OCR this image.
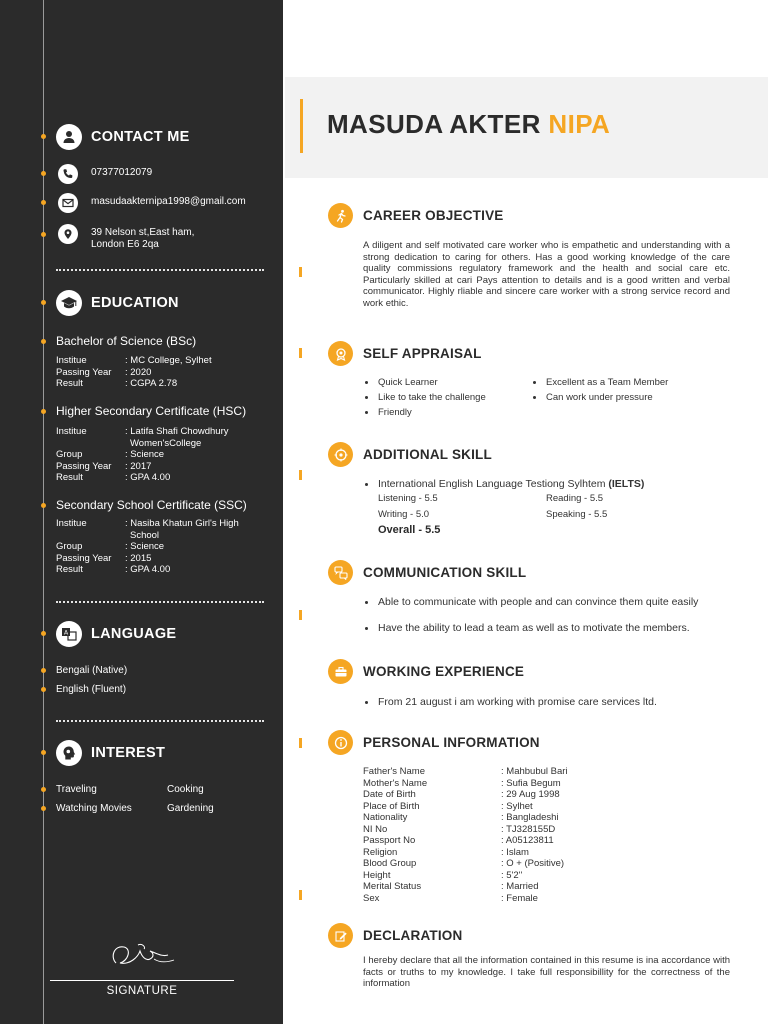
CONTACT ME
07377012079
masudaakternipa1998@gmail.com
39 Nelson st,East ham,
London E6 2qa
EDUCATION
Bachelor of Science (BSc)
Institue	: MC College, Sylhet
Passing Year	: 2020
Result	: CGPA 2.78
Higher Secondary Certificate (HSC)
Institue	: Latifa Shafi Chowdhury
	Women'sCollege
Group	: Science
Passing Year	: 2017
Result	: GPA 4.00
Secondary School Certificate (SSC)
Institue	: Nasiba Khatun Girl's High
	School
Group	: Science
Passing Year	: 2015
Result	: GPA 4.00
A LANGUAGE
Bengali (Native)
English (Fluent)
INTEREST
Traveling	Cooking
Watching Movies	Gardening
SIGNATURE
MASUDA AKTER NIPA
CAREER OBJECTIVE
A diligent and self motivated care worker who is empathetic and understanding with a strong dedication to caring for others. Has a good working knowledge of the care quality commissions regulatory framework and the health and social care etc. Particularly skilled at cari Pays attention to details and is a good written and verbal communicator. Highly rliable and sincere care worker with a strong service record and work ethic.
SELF APPRAISAL
Quick Learner
Like to take the challenge
Friendly
Excellent as a Team Member
Can work under pressure
ADDITIONAL SKILL
International English Language Testiong Sylhtem (IELTS)
Listening - 5.5	Reading - 5.5
Writing - 5.0	Speaking - 5.5
Overall - 5.5
COMMUNICATION SKILL
Able to communicate with people and can convince them quite easily
Have the ability to lead a team as well as to motivate the members.
WORKING EXPERIENCE
From 21 august i am working with promise care services ltd.
PERSONAL INFORMATION
Father's Name	: Mahbubul Bari
Mother's Name	: Sufia Begum
Date of Birth	: 29 Aug 1998
Place of Birth	: Sylhet
Nationality	: Bangladeshi
NI No	: TJ328155D
Passport No	: A05123811
Religion	: Islam
Blood Group	: O + (Positive)
Height	: 5'2''
Merital Status	: Married
Sex	: Female
DECLARATION
I hereby declare that all the information contained in this resume is ina accordance with facts or truths to my knowledge. I take full responsibillity for the correctness of the information
